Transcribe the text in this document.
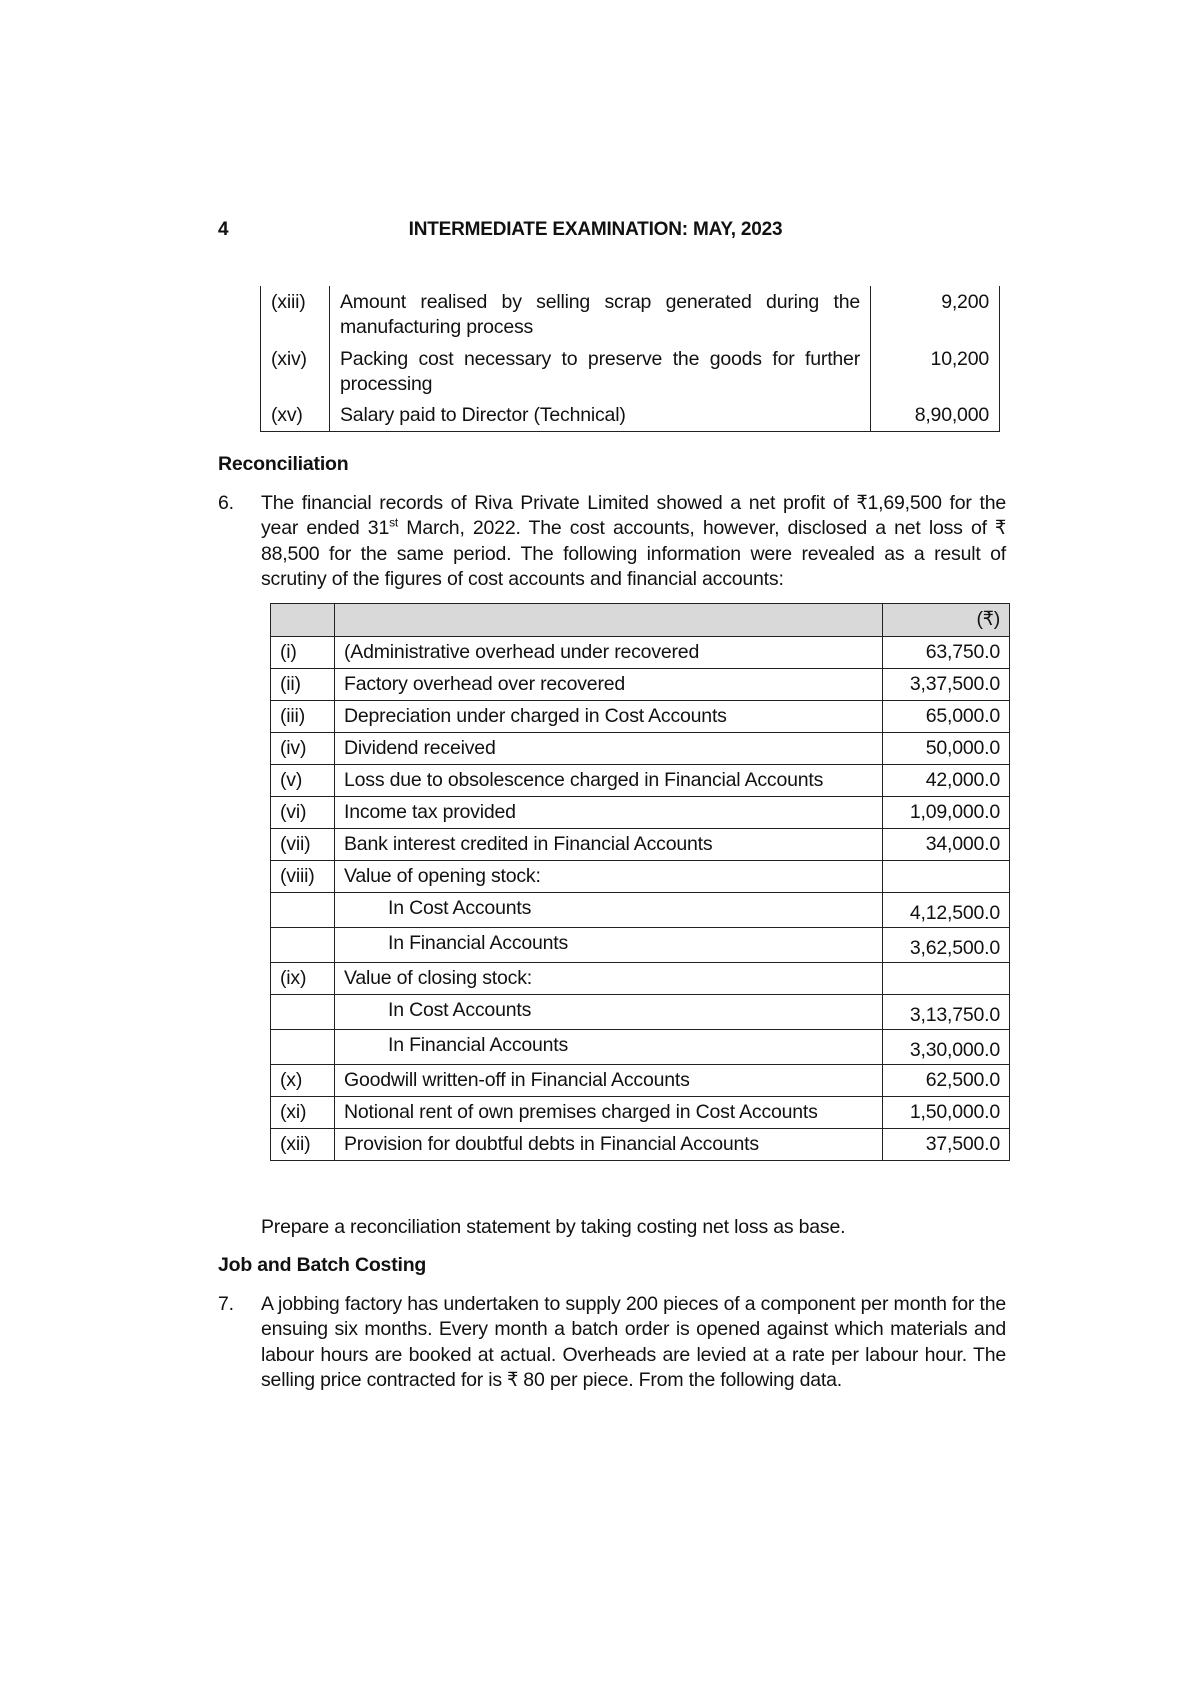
4	INTERMEDIATE EXAMINATION: MAY, 2023
(xiii)	Amount realised by selling scrap generated during the
manufacturing process	9,200
(xiv)	Packing cost necessary to preserve the goods for further
processing	10,200
(xv)	Salary paid to Director (Technical)	8,90,000
Reconciliation
6. The financial records of Riva Private Limited showed a net profit of ₹1,69,500 for the year ended 31st March, 2022. The cost accounts, however, disclosed a net loss of ₹ 88,500 for the same period. The following information were revealed as a result of scrutiny of the figures of cost accounts and financial accounts:
		(₹)
(i)	(Administrative overhead under recovered	63,750.0
(ii)	Factory overhead over recovered	3,37,500.0
(iii)	Depreciation under charged in Cost Accounts	65,000.0
(iv)	Dividend received	50,000.0
(v)	Loss due to obsolescence charged in Financial Accounts	42,000.0
(vi)	Income tax provided	1,09,000.0
(vii)	Bank interest credited in Financial Accounts	34,000.0
(viii)	Value of opening stock:	
	In Cost Accounts	4,12,500.0
	In Financial Accounts	3,62,500.0
(ix)	Value of closing stock:	
	In Cost Accounts	3,13,750.0
	In Financial Accounts	3,30,000.0
(x)	Goodwill written-off in Financial Accounts	62,500.0
(xi)	Notional rent of own premises charged in Cost Accounts	1,50,000.0
(xii)	Provision for doubtful debts in Financial Accounts	37,500.0
Prepare a reconciliation statement by taking costing net loss as base.
Job and Batch Costing
7. A jobbing factory has undertaken to supply 200 pieces of a component per month for the ensuing six months. Every month a batch order is opened against which materials and labour hours are booked at actual. Overheads are levied at a rate per labour hour. The selling price contracted for is ₹ 80 per piece. From the following data.
